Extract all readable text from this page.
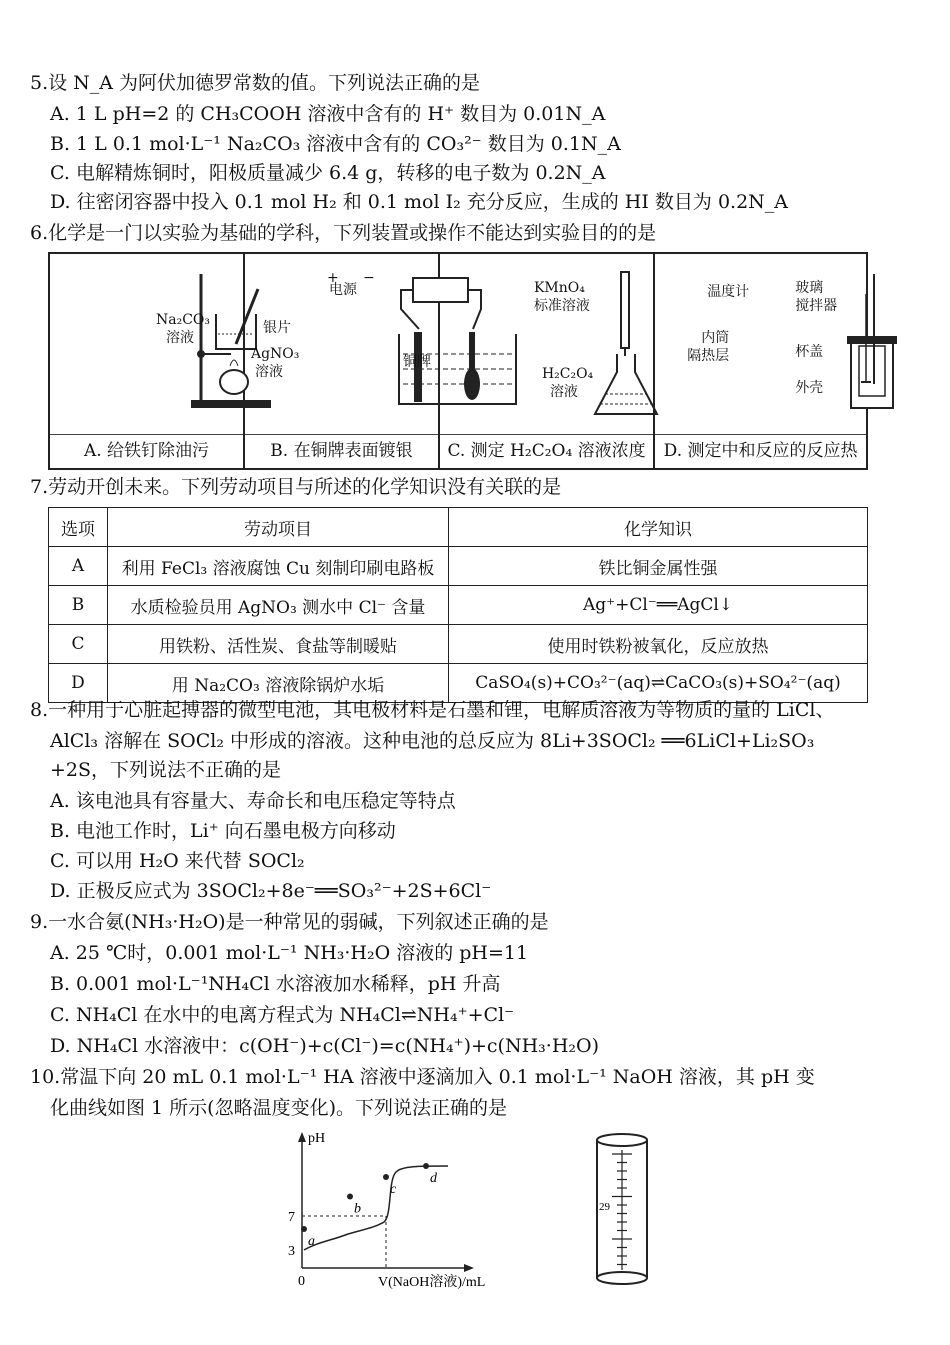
5.设 N_A 为阿伏加德罗常数的值。下列说法正确的是
A. 1 L pH=2 的 CH₃COOH 溶液中含有的 H⁺ 数目为 0.01N_A
B. 1 L 0.1 mol·L⁻¹ Na₂CO₃ 溶液中含有的 CO₃²⁻ 数目为 0.1N_A
C. 电解精炼铜时，阳极质量减少 6.4 g，转移的电子数为 0.2N_A
D. 往密闭容器中投入 0.1 mol H₂ 和 0.1 mol I₂ 充分反应，生成的 HI 数目为 0.2N_A
6.化学是一门以实验为基础的学科，下列装置或操作不能达到实验目的的是
Na₂CO₃
溶液
A. 给铁钉除油污

+ −
电源
银片
AgNO₃
溶液
铜牌
B. 在铜牌表面镀银

KMnO₄
标准溶液
H₂C₂O₄
溶液
C. 测定 H₂C₂O₄ 溶液浓度

温度计	玻璃
搅拌器
内筒
隔热层	杯盖
外壳
D. 测定中和反应的反应热
7.劳动开创未来。下列劳动项目与所述的化学知识没有关联的是
选项	劳动项目	化学知识
A	利用 FeCl₃ 溶液腐蚀 Cu 刻制印刷电路板	铁比铜金属性强
B	水质检验员用 AgNO₃ 测水中 Cl⁻ 含量	Ag⁺+Cl⁻══AgCl↓
C	用铁粉、活性炭、食盐等制暖贴	使用时铁粉被氧化，反应放热
D	用 Na₂CO₃ 溶液除锅炉水垢	CaSO₄(s)+CO₃²⁻(aq)⇌CaCO₃(s)+SO₄²⁻(aq)
8.一种用于心脏起搏器的微型电池，其电极材料是石墨和锂，电解质溶液为等物质的量的 LiCl、
AlCl₃ 溶解在 SOCl₂ 中形成的溶液。这种电池的总反应为 8Li+3SOCl₂ ══6LiCl+Li₂SO₃
+2S，下列说法不正确的是
A. 该电池具有容量大、寿命长和电压稳定等特点
B. 电池工作时，Li⁺ 向石墨电极方向移动
C. 可以用 H₂O 来代替 SOCl₂
D. 正极反应式为 3SOCl₂+8e⁻══SO₃²⁻+2S+6Cl⁻
9.一水合氨(NH₃·H₂O)是一种常见的弱碱，下列叙述正确的是
A. 25 ℃时，0.001 mol·L⁻¹ NH₃·H₂O 溶液的 pH=11
B. 0.001 mol·L⁻¹NH₄Cl 水溶液加水稀释，pH 升高
C. NH₄Cl 在水中的电离方程式为 NH₄Cl⇌NH₄⁺+Cl⁻
D. NH₄Cl 水溶液中：c(OH⁻)+c(Cl⁻)=c(NH₄⁺)+c(NH₃·H₂O)
10.常温下向 20 mL 0.1 mol·L⁻¹ HA 溶液中逐滴加入 0.1 mol·L⁻¹ NaOH 溶液，其 pH 变
化曲线如图 1 所示(忽略温度变化)。下列说法正确的是
a
b
c
d
pH
7
3
0	V(NaOH溶液)/mL
29
